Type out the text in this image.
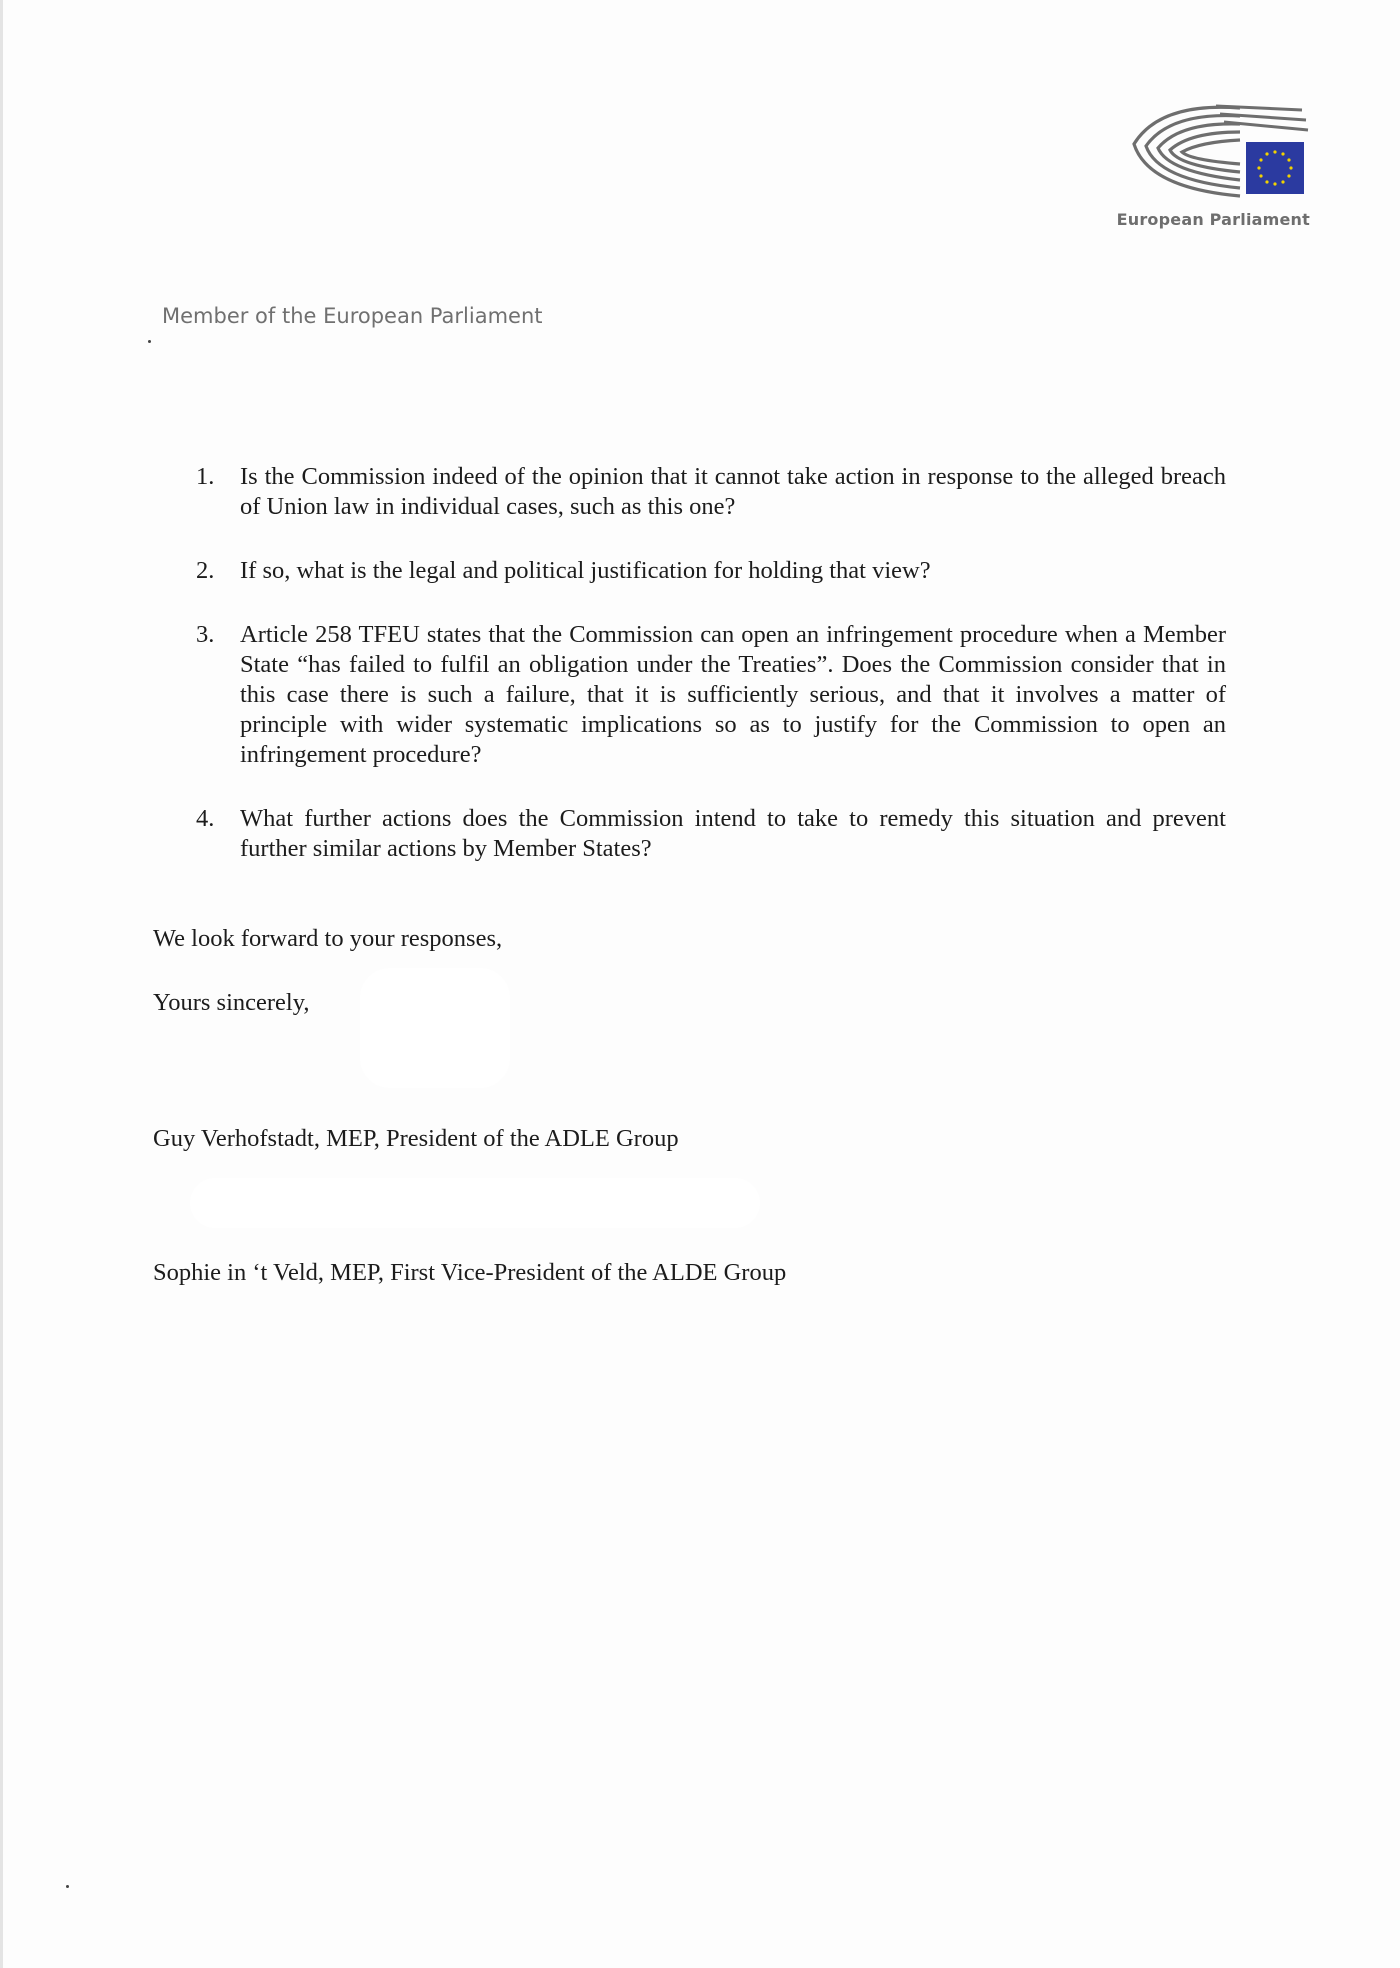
European Parliament
Member of the European Parliament
1. Is the Commission indeed of the opinion that it cannot take action in response to the alleged breach of Union law in individual cases, such as this one?
2. If so, what is the legal and political justification for holding that view?
3. Article 258 TFEU states that the Commission can open an infringement procedure when a Member State “has failed to fulfil an obligation under the Treaties”. Does the Commission consider that in this case there is such a failure, that it is sufficiently serious, and that it involves a matter of principle with wider systematic implications so as to justify for the Commission to open an infringement procedure?
4. What further actions does the Commission intend to take to remedy this situation and prevent further similar actions by Member States?
We look forward to your responses,
Yours sincerely,
Guy Verhofstadt, MEP, President of the ADLE Group
Sophie in ‘t Veld, MEP, First Vice-President of the ALDE Group
